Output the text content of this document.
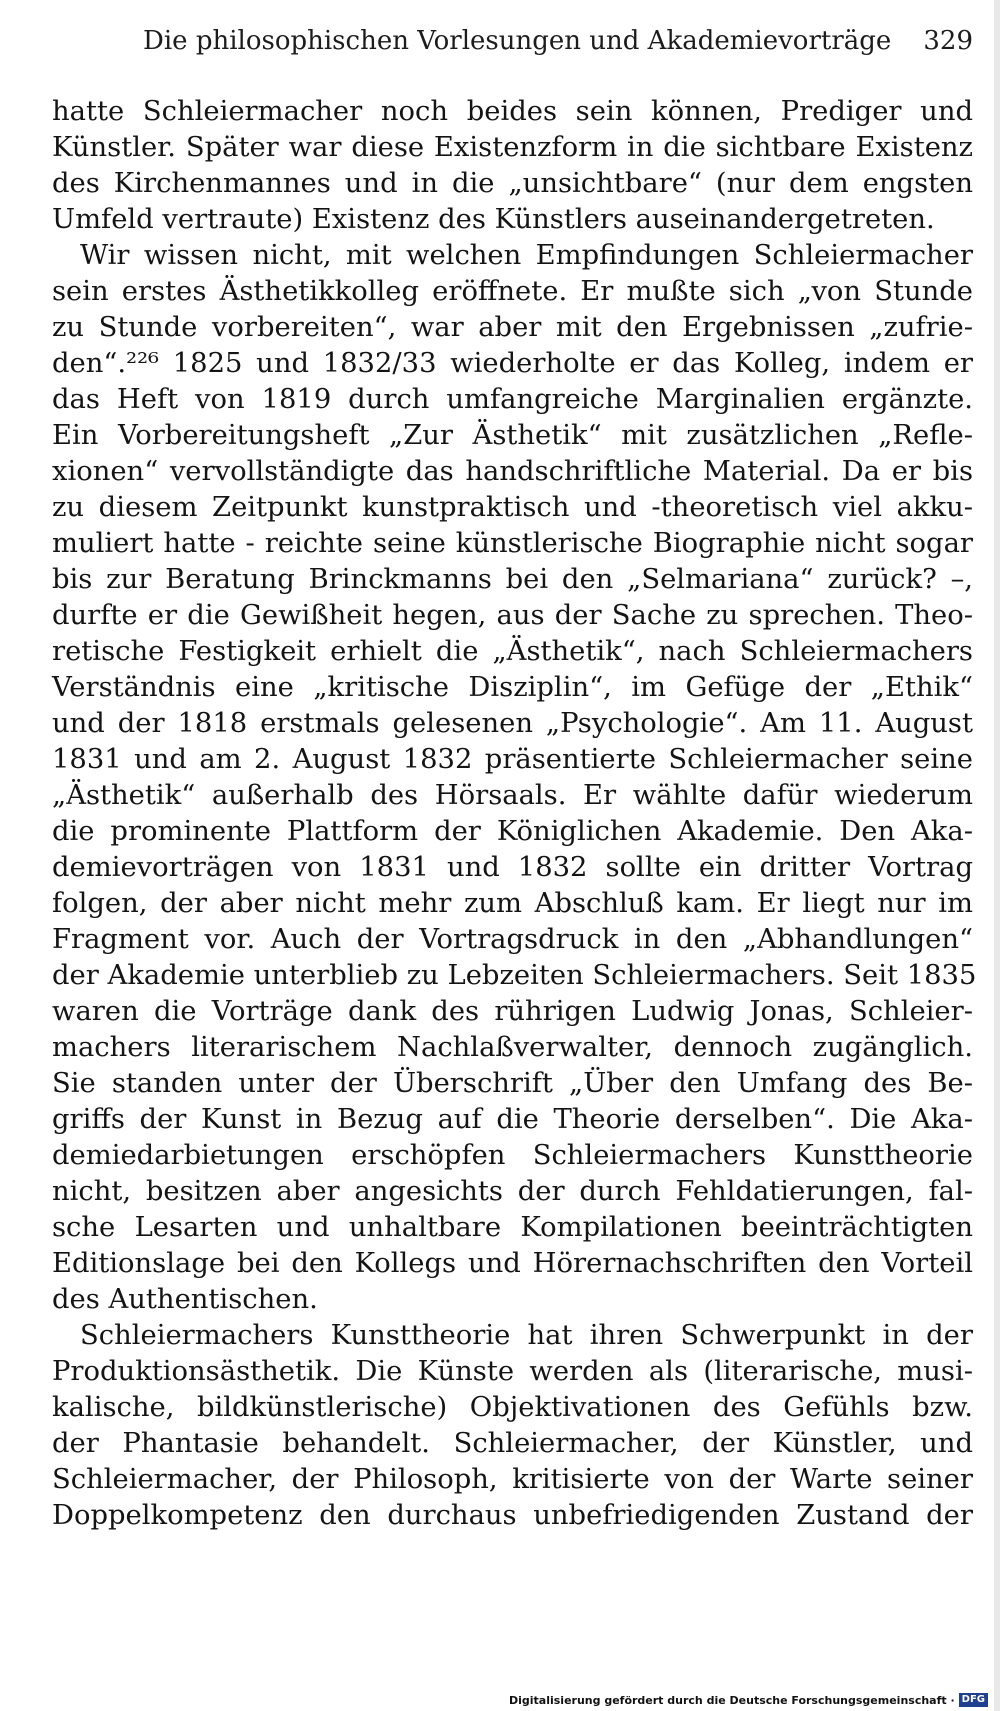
Die philosophischen Vorlesungen und Akademievorträge 329
hatte Schleiermacher noch beides sein können, Prediger und
Künstler. Später war diese Existenzform in die sichtbare Existenz
des Kirchenmannes und in die „unsichtbare“ (nur dem engsten
Umfeld vertraute) Existenz des Künstlers auseinandergetreten.
Wir wissen nicht, mit welchen Empfindungen Schleiermacher
sein erstes Ästhetikkolleg eröffnete. Er mußte sich „von Stunde
zu Stunde vorbereiten“, war aber mit den Ergebnissen „zufrie-
den“.²²⁶ 1825 und 1832/33 wiederholte er das Kolleg, indem er
das Heft von 1819 durch umfangreiche Marginalien ergänzte.
Ein Vorbereitungsheft „Zur Ästhetik“ mit zusätzlichen „Refle-
xionen“ vervollständigte das handschriftliche Material. Da er bis
zu diesem Zeitpunkt kunstpraktisch und -theoretisch viel akku-
muliert hatte - reichte seine künstlerische Biographie nicht sogar
bis zur Beratung Brinckmanns bei den „Selmariana“ zurück? –,
durfte er die Gewißheit hegen, aus der Sache zu sprechen. Theo-
retische Festigkeit erhielt die „Ästhetik“, nach Schleiermachers
Verständnis eine „kritische Disziplin“, im Gefüge der „Ethik“
und der 1818 erstmals gelesenen „Psychologie“. Am 11. August
1831 und am 2. August 1832 präsentierte Schleiermacher seine
„Ästhetik“ außerhalb des Hörsaals. Er wählte dafür wiederum
die prominente Plattform der Königlichen Akademie. Den Aka-
demievorträgen von 1831 und 1832 sollte ein dritter Vortrag
folgen, der aber nicht mehr zum Abschluß kam. Er liegt nur im
Fragment vor. Auch der Vortragsdruck in den „Abhandlungen“
der Akademie unterblieb zu Lebzeiten Schleiermachers. Seit 1835
waren die Vorträge dank des rührigen Ludwig Jonas, Schleier-
machers literarischem Nachlaßverwalter, dennoch zugänglich.
Sie standen unter der Überschrift „Über den Umfang des Be-
griffs der Kunst in Bezug auf die Theorie derselben“. Die Aka-
demiedarbietungen erschöpfen Schleiermachers Kunsttheorie
nicht, besitzen aber angesichts der durch Fehldatierungen, fal-
sche Lesarten und unhaltbare Kompilationen beeinträchtigten
Editionslage bei den Kollegs und Hörernachschriften den Vorteil
des Authentischen.
Schleiermachers Kunsttheorie hat ihren Schwerpunkt in der
Produktionsästhetik. Die Künste werden als (literarische, musi-
kalische, bildkünstlerische) Objektivationen des Gefühls bzw.
der Phantasie behandelt. Schleiermacher, der Künstler, und
Schleiermacher, der Philosoph, kritisierte von der Warte seiner
Doppelkompetenz den durchaus unbefriedigenden Zustand der
Digitalisierung gefördert durch die Deutsche Forschungsgemeinschaft · DFG
